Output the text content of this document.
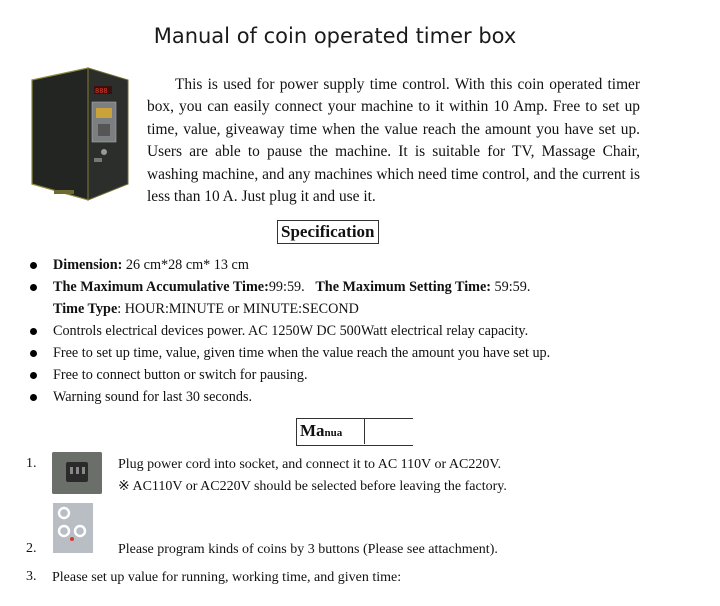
Manual of coin operated timer box
888	This is used for power supply time control. With this coin operated timer box, you can easily connect your machine to it within 10 Amp. Free to set up time, value, giveaway time when the value reach the amount you have set up. Users are able to pause the machine. It is suitable for TV, Massage Chair, washing machine, and any machines which need time control, and the current is less than 10 A. Just plug it and use it.
Specification
Dimension: 26 cm*28 cm* 13 cm
The Maximum Accumulative Time:99:59. The Maximum Setting Time: 59:59.
Time Type: HOUR:MINUTE or MINUTE:SECOND
Controls electrical devices power. AC 1250W DC 500Watt electrical relay capacity.
Free to set up time, value, given time when the value reach the amount you have set up.
Free to connect button or switch for pausing.
Warning sound for last 30 seconds.
Manua
1.	Plug power cord into socket, and connect it to AC 110V or AC220V.
※ AC110V or AC220V should be selected before leaving the factory.
2.	Please program kinds of coins by 3 buttons (Please see attachment).
3. Please set up value for running, working time, and given time:
